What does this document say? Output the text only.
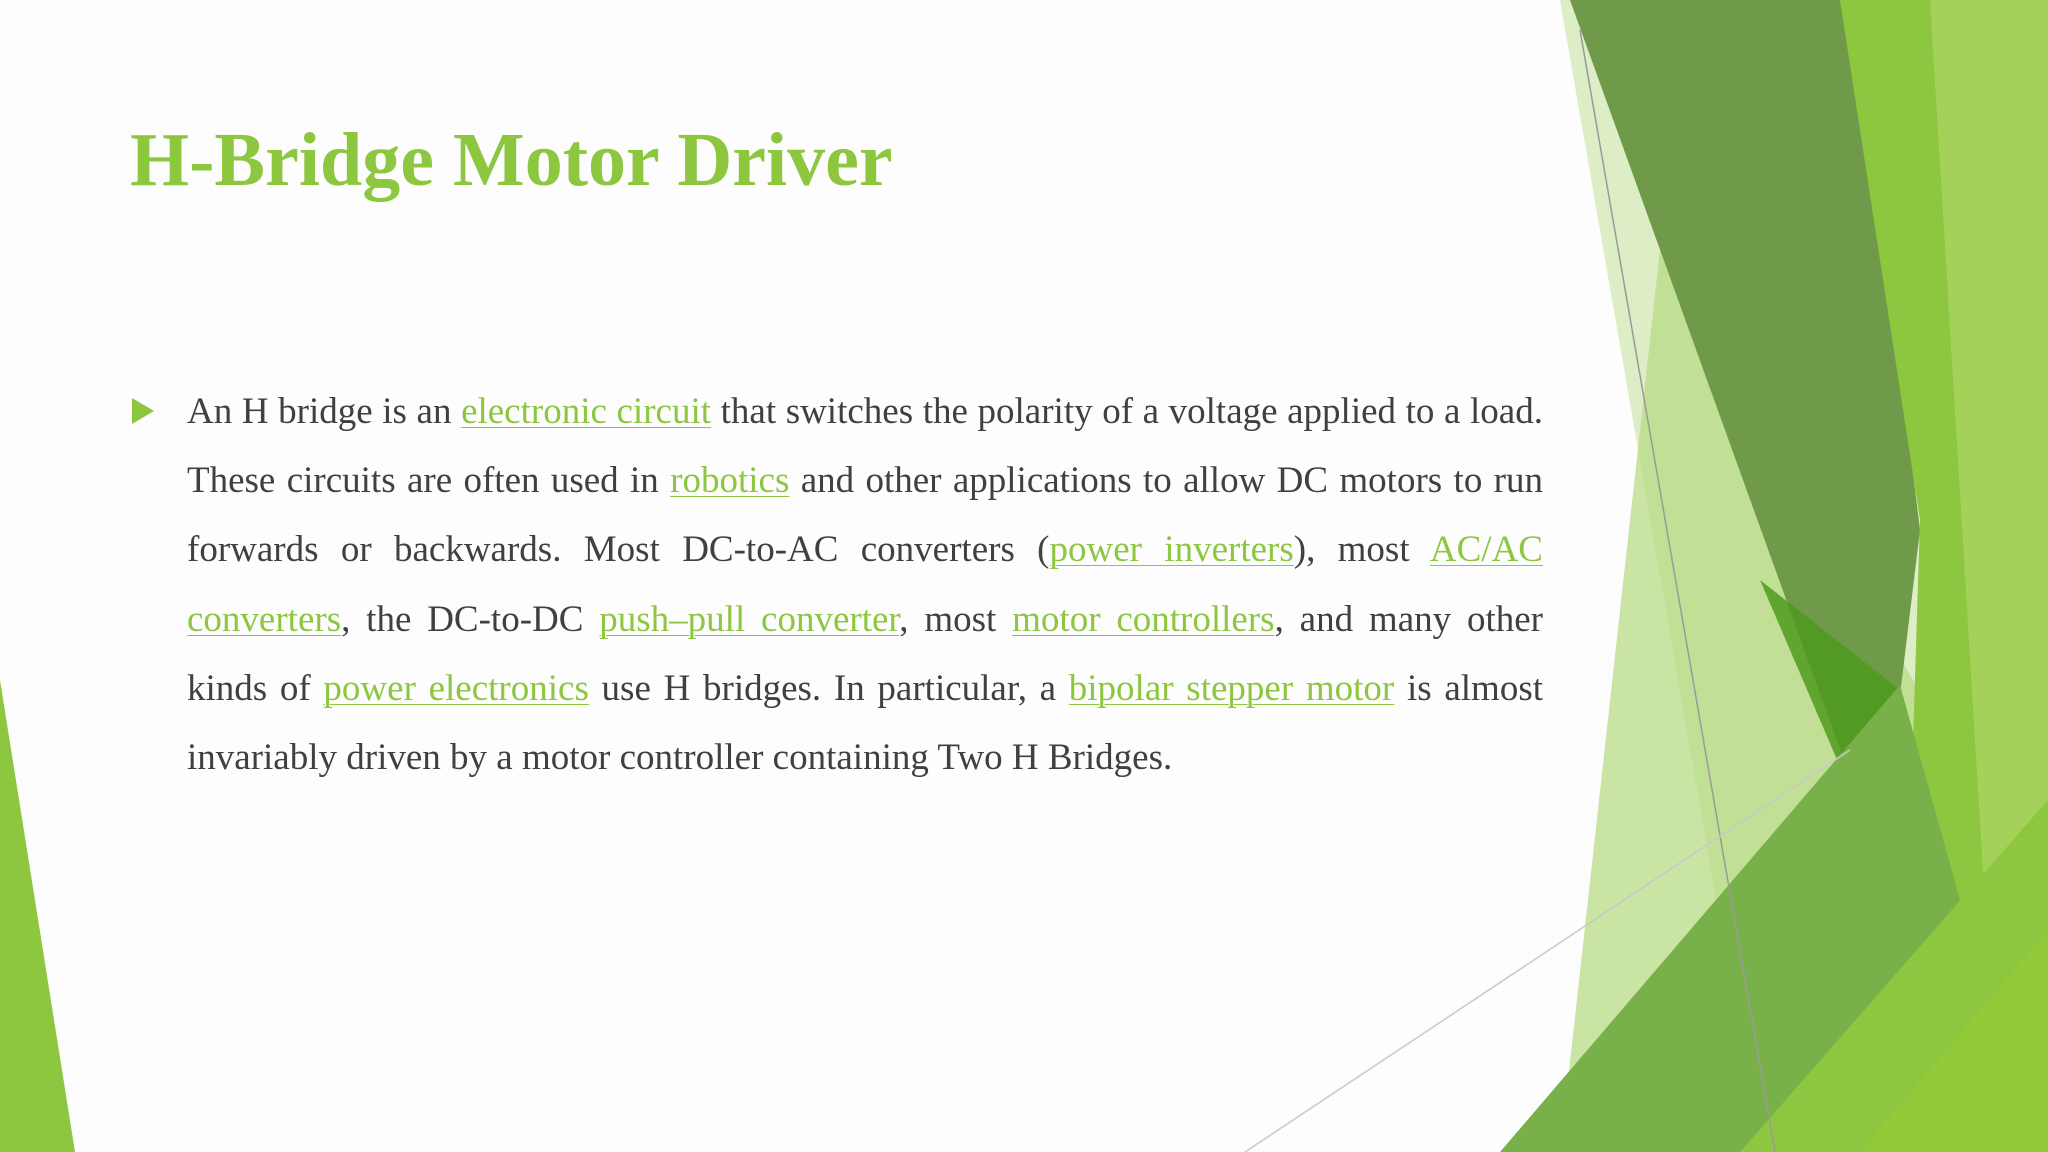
H-Bridge Motor Driver

An H bridge is an electronic circuit that switches the polarity of a voltage applied to a load. These circuits are often used in robotics and other applications to allow DC motors to run forwards or backwards. Most DC-to-AC converters (power inverters), most AC/AC converters, the DC-to-DC push–pull converter, most motor controllers, and many other kinds of power electronics use H bridges. In particular, a bipolar stepper motor is almost invariably driven by a motor controller containing Two H Bridges.
